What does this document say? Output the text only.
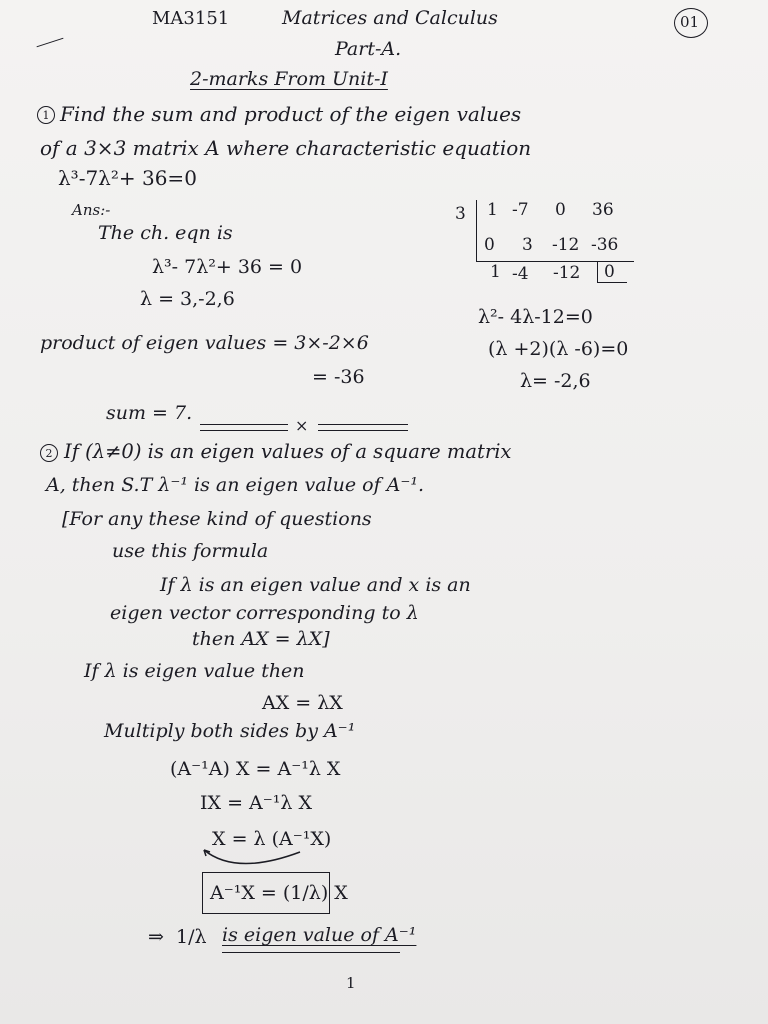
MA3151	Matrices and Calculus	01
Part-A.
2-marks From Unit-I
1 Find the sum and product of the eigen values
of a 3×3 matrix A where characteristic equation
λ³-7λ²+ 36=0
Ans:-
The ch. eqn is
λ³- 7λ²+ 36 = 0
λ = 3,-2,6
product of eigen values = 3×-2×6
= -36
sum = 7.
3 1 -7 0 36
0 3 -12 -36
1 -4 -12 0
λ²- 4λ-12=0
(λ +2)(λ -6)=0
λ= -2,6
×
2 If (λ≠0) is an eigen values of a square matrix
A, then S.T λ⁻¹ is an eigen value of A⁻¹.
[For any these kind of questions
use this formula
If λ is an eigen value and x is an
eigen vector corresponding to λ
then AX = λX]
If λ is eigen value then
AX = λX
Multiply both sides by A⁻¹
(A⁻¹A) X = A⁻¹λ X
IX = A⁻¹λ X
X = λ (A⁻¹X)
A⁻¹X = (1/λ) X
⇒ 1/λ is eigen value of A⁻¹
1
